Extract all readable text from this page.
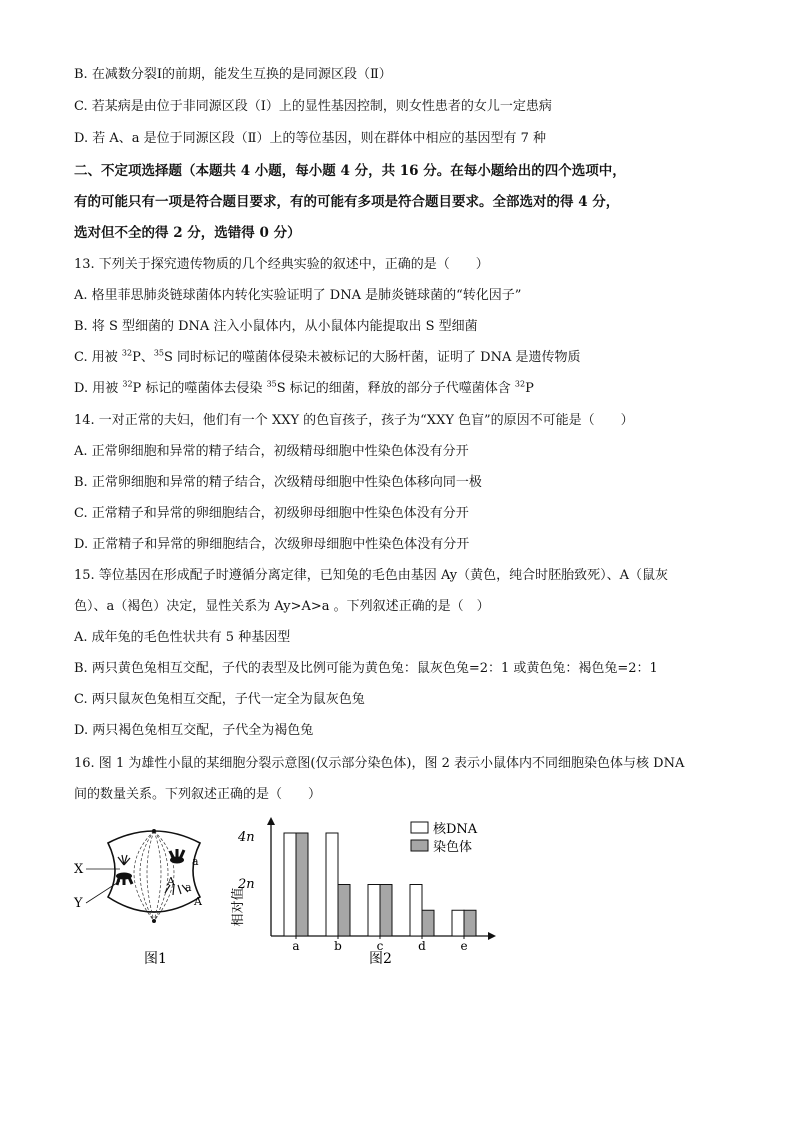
B. 在减数分裂Ⅰ的前期，能发生互换的是同源区段（Ⅱ）
C. 若某病是由位于非同源区段（Ⅰ）上的显性基因控制，则女性患者的女儿一定患病
D. 若 A、a 是位于同源区段（Ⅱ）上的等位基因，则在群体中相应的基因型有 7 种
二、不定项选择题（本题共 4 小题，每小题 4 分，共 16 分。在每小题给出的四个选项中，
有的可能只有一项是符合题目要求，有的可能有多项是符合题目要求。全部选对的得 4 分，
选对但不全的得 2 分，选错得 0 分）
13. 下列关于探究遗传物质的几个经典实验的叙述中，正确的是（　　）
A. 格里菲思肺炎链球菌体内转化实验证明了 DNA 是肺炎链球菌的“转化因子”
B. 将 S 型细菌的 DNA 注入小鼠体内，从小鼠体内能提取出 S 型细菌
C. 用被 $^{32}$P、$^{35}$S 同时标记的噬菌体侵染未被标记的大肠杆菌，证明了 DNA 是遗传物质
D. 用被 $^{32}$P 标记的噬菌体去侵染 $^{35}$S 标记的细菌，释放的部分子代噬菌体含 $^{32}$P
14. 一对正常的夫妇，他们有一个 XXY 的色盲孩子，孩子为“XXY 色盲”的原因不可能是（　　）
A. 正常卵细胞和异常的精子结合，初级精母细胞中性染色体没有分开
B. 正常卵细胞和异常的精子结合，次级精母细胞中性染色体移向同一极
C. 正常精子和异常的卵细胞结合，初级卵母细胞中性染色体没有分开
D. 正常精子和异常的卵细胞结合，次级卵母细胞中性染色体没有分开
15. 等位基因在形成配子时遵循分离定律，已知兔的毛色由基因 Ay（黄色，纯合时胚胎致死）、A（鼠灰
色）、a（褐色）决定，显性关系为 Ay>A>a 。下列叙述正确的是（　）
A. 成年兔的毛色性状共有 5 种基因型
B. 两只黄色兔相互交配，子代的表型及比例可能为黄色兔：鼠灰色兔=2：1 或黄色兔：褐色兔=2：1
C. 两只鼠灰色兔相互交配，子代一定全为鼠灰色兔
D. 两只褐色兔相互交配，子代全为褐色兔
16. 图 1 为雄性小鼠的某细胞分裂示意图(仅示部分染色体)，图 2 表示小鼠体内不同细胞染色体与核 DNA
间的数量关系。下列叙述正确的是（　　）
X
Y
a
A a
A
图1
4n
2n
相对值
核DNA
染色体
a	b	c	d	e
图2
